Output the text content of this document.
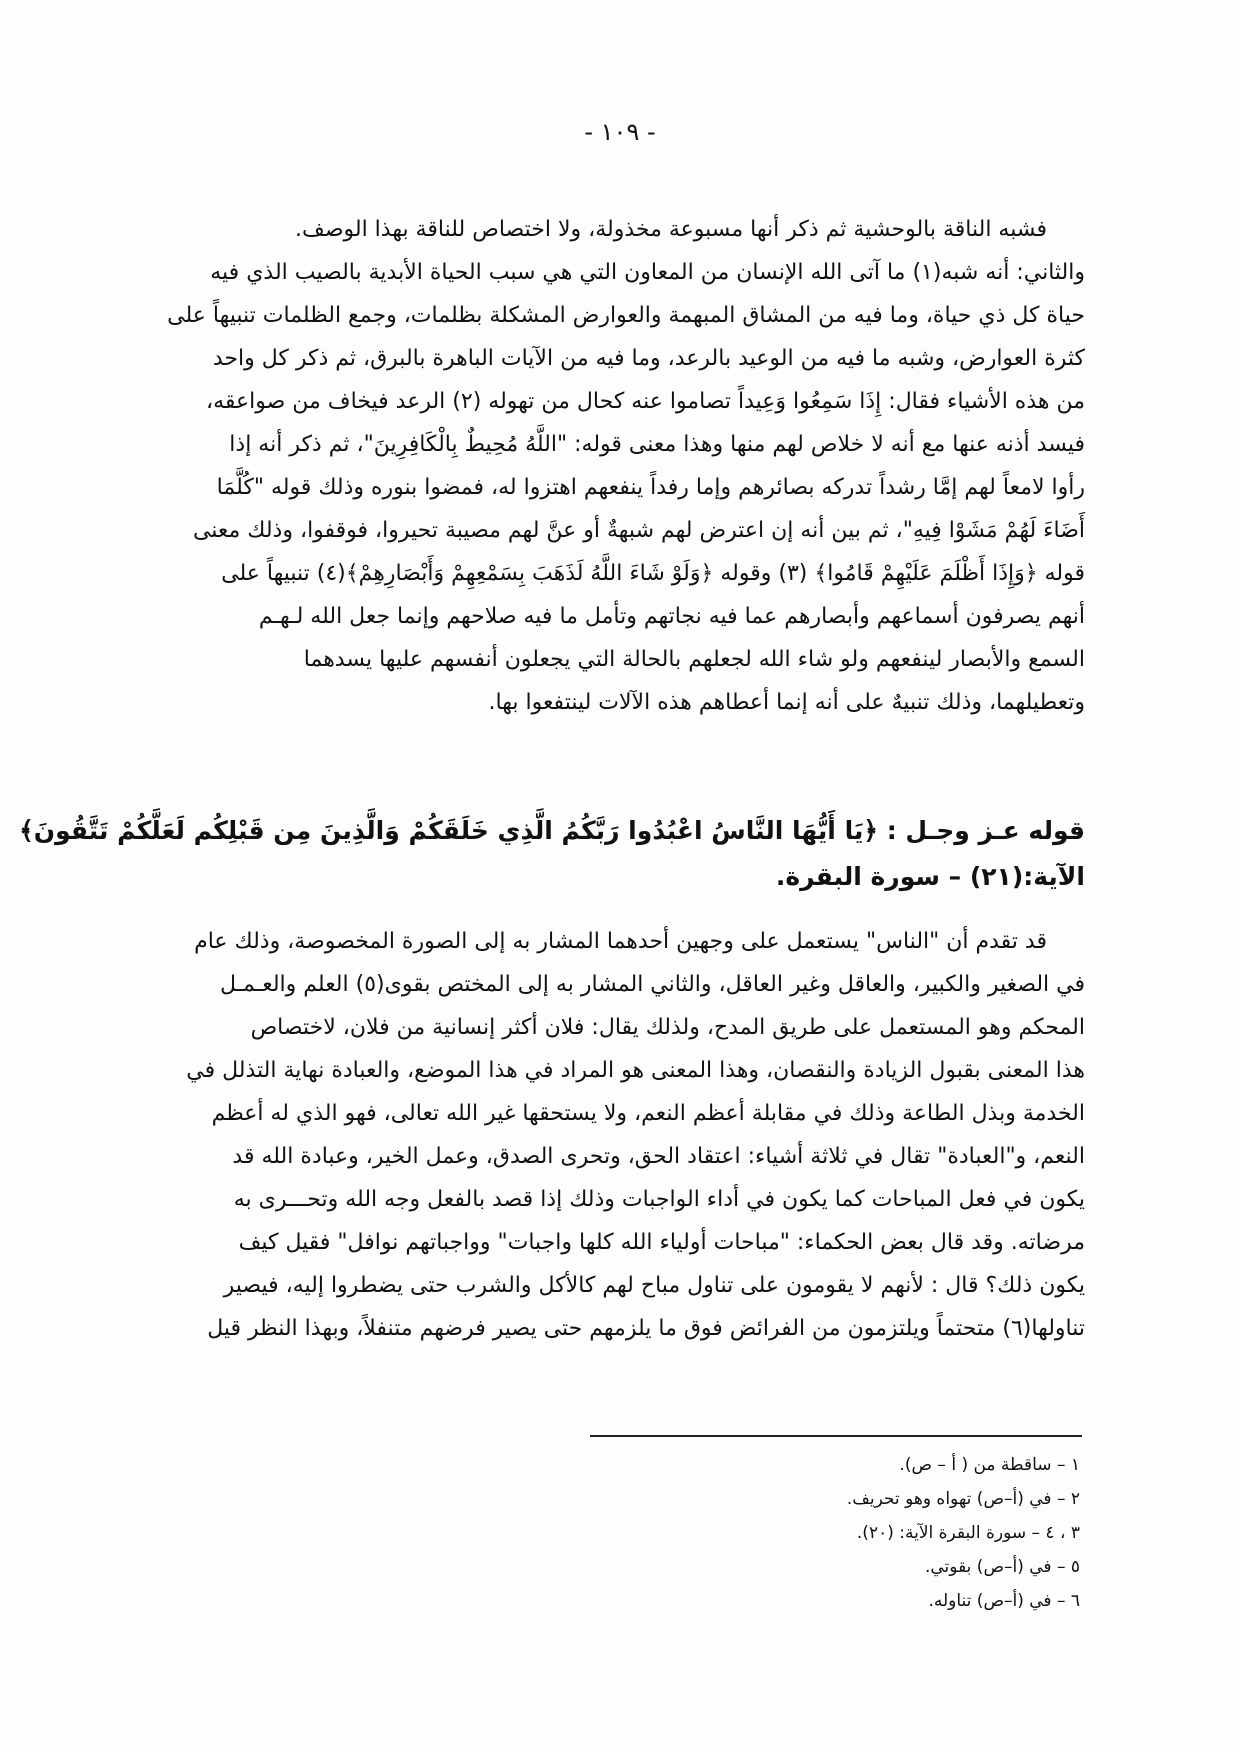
- ١٠٩ -
فشبه الناقة بالوحشية ثم ذكر أنها مسبوعة مخذولة، ولا اختصاص للناقة بهذا الوصف.
والثاني: أنه شبه(١) ما آتى الله الإنسان من المعاون التي هي سبب الحياة الأبدية بالصيب الذي فيه
حياة كل ذي حياة، وما فيه من المشاق المبهمة والعوارض المشكلة بظلمات، وجمع الظلمات تنبيهاً على
كثرة العوارض، وشبه ما فيه من الوعيد بالرعد، وما فيه من الآيات الباهرة بالبرق، ثم ذكر كل واحد
من هذه الأشياء فقال: إِذَا سَمِعُوا وَعِيداً تصاموا عنه كحال من تهوله (٢) الرعد فيخاف من صواعقه،
فيسد أذنه عنها مع أنه لا خلاص لهم منها وهذا معنى قوله: "اللَّهُ مُحِيطٌ بِالْكَافِرِينَ"، ثم ذكر أنه إذا
رأوا لامعاً لهم إمَّا رشداً تدركه بصائرهم وإما رفداً ينفعهم اهتزوا له، فمضوا بنوره وذلك قوله "كُلَّمَا
أَضَاءَ لَهُمْ مَشَوْا فِيهِ"، ثم بين أنه إن اعترض لهم شبهةٌ أو عنَّ لهم مصيبة تحيروا، فوقفوا، وذلك معنى
قوله ﴿وَإِذَا أَظْلَمَ عَلَيْهِمْ قَامُوا﴾ (٣) وقوله ﴿وَلَوْ شَاءَ اللَّهُ لَذَهَبَ بِسَمْعِهِمْ وَأَبْصَارِهِمْ﴾(٤) تنبيهاً على
أنهم يصرفون أسماعهم وأبصارهم عما فيه نجاتهم وتأمل ما فيه صلاحهم وإنما جعل الله لـهـم
السمع والأبصار لينفعهم ولو شاء الله لجعلهم بالحالة التي يجعلون أنفسهم عليها يسدهما
وتعطيلهما، وذلك تنبيهٌ على أنه إنما أعطاهم هذه الآلات لينتفعوا بها.
قوله عـز وجـل : ﴿يَا أَيُّهَا النَّاسُ اعْبُدُوا رَبَّكُمُ الَّذِي خَلَقَكُمْ وَالَّذِينَ مِن قَبْلِكُم لَعَلَّكُمْ تَتَّقُونَ﴾
الآية:(٢١) – سورة البقرة.
قد تقدم أن "الناس" يستعمل على وجهين أحدهما المشار به إلى الصورة المخصوصة، وذلك عام
في الصغير والكبير، والعاقل وغير العاقل، والثاني المشار به إلى المختص بقوى(٥) العلم والعـمـل
المحكم وهو المستعمل على طريق المدح، ولذلك يقال: فلان أكثر إنسانية من فلان، لاختصاص
هذا المعنى بقبول الزيادة والنقصان، وهذا المعنى هو المراد في هذا الموضع، والعبادة نهاية التذلل في
الخدمة وبذل الطاعة وذلك في مقابلة أعظم النعم، ولا يستحقها غير الله تعالى، فهو الذي له أعظم
النعم، و"العبادة" تقال في ثلاثة أشياء: اعتقاد الحق، وتحرى الصدق، وعمل الخير، وعبادة الله قد
يكون في فعل المباحات كما يكون في أداء الواجبات وذلك إذا قصد بالفعل وجه الله وتحـــرى به
مرضاته. وقد قال بعض الحكماء: "مباحات أولياء الله كلها واجبات" وواجباتهم نوافل" فقيل كيف
يكون ذلك؟ قال : لأنهم لا يقومون على تناول مباح لهم كالأكل والشرب حتى يضطروا إليه، فيصير
تناولها(٦) متحتماً ويلتزمون من الفرائض فوق ما يلزمهم حتى يصير فرضهم متنفلاً، وبهذا النظر قيل
١ – ساقطة من ( أ – ص).
٢ – في (أ–ص) تهواه وهو تحريف.
٣ ، ٤ – سورة البقرة الآية: (٢٠).
٥ – في (أ–ص) بقوتي.
٦ – في (أ–ص) تناوله.
